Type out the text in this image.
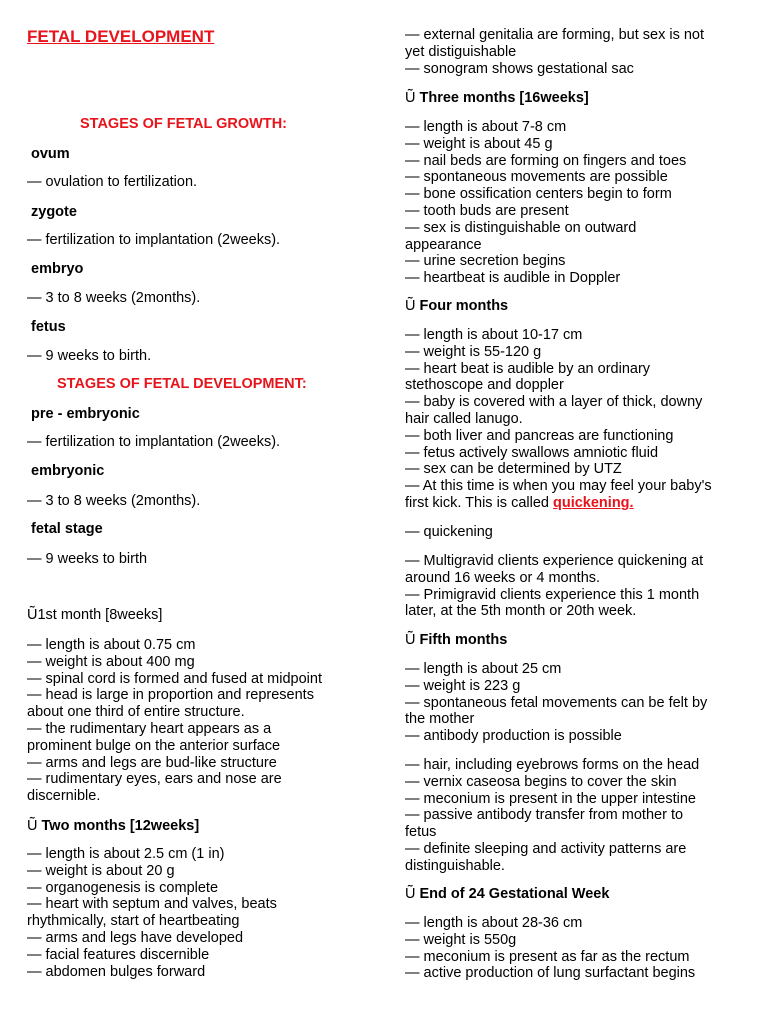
FETAL DEVELOPMENT
STAGES OF FETAL GROWTH:
ovum
— ovulation to fertilization.
zygote
— fertilization to implantation (2weeks).
embryo
— 3 to 8 weeks (2months).
fetus
— 9 weeks to birth.
STAGES OF FETAL DEVELOPMENT:
pre - embryonic
— fertilization to implantation (2weeks).
embryonic
— 3 to 8 weeks (2months).
fetal stage
— 9 weeks to birth
Ũ1st month [8weeks]
— length is about 0.75 cm
— weight is about 400 mg
— spinal cord is formed and fused at midpoint
— head is large in proportion and represents
about one third of entire structure.
— the rudimentary heart appears as a
prominent bulge on the anterior surface
— arms and legs are bud-like structure
— rudimentary eyes, ears and nose are
discernible.
Ũ Two months [12weeks]
— length is about 2.5 cm (1 in)
— weight is about 20 g
— organogenesis is complete
— heart with septum and valves, beats
rhythmically, start of heartbeating
— arms and legs have developed
— facial features discernible
— abdomen bulges forward
— external genitalia are forming, but sex is not
yet distiguishable
— sonogram shows gestational sac
Ũ Three months [16weeks]
— length is about 7-8 cm
— weight is about 45 g
— nail beds are forming on fingers and toes
— spontaneous movements are possible
— bone ossification centers begin to form
— tooth buds are present
— sex is distinguishable on outward
appearance
— urine secretion begins
— heartbeat is audible in Doppler
Ũ Four months
— length is about 10-17 cm
— weight is 55-120 g
— heart beat is audible by an ordinary
stethoscope and doppler
— baby is covered with a layer of thick, downy
hair called lanugo.
— both liver and pancreas are functioning
— fetus actively swallows amniotic fluid
— sex can be determined by UTZ
— At this time is when you may feel your baby's
first kick. This is called quickening.
— quickening
— Multigravid clients experience quickening at
around 16 weeks or 4 months.
— Primigravid clients experience this 1 month
later, at the 5th month or 20th week.
Ũ Fifth months
— length is about 25 cm
— weight is 223 g
— spontaneous fetal movements can be felt by
the mother
— antibody production is possible
— hair, including eyebrows forms on the head
— vernix caseosa begins to cover the skin
— meconium is present in the upper intestine
— passive antibody transfer from mother to
fetus
— definite sleeping and activity patterns are
distinguishable.
Ũ End of 24 Gestational Week
— length is about 28-36 cm
— weight is 550g
— meconium is present as far as the rectum
— active production of lung surfactant begins
